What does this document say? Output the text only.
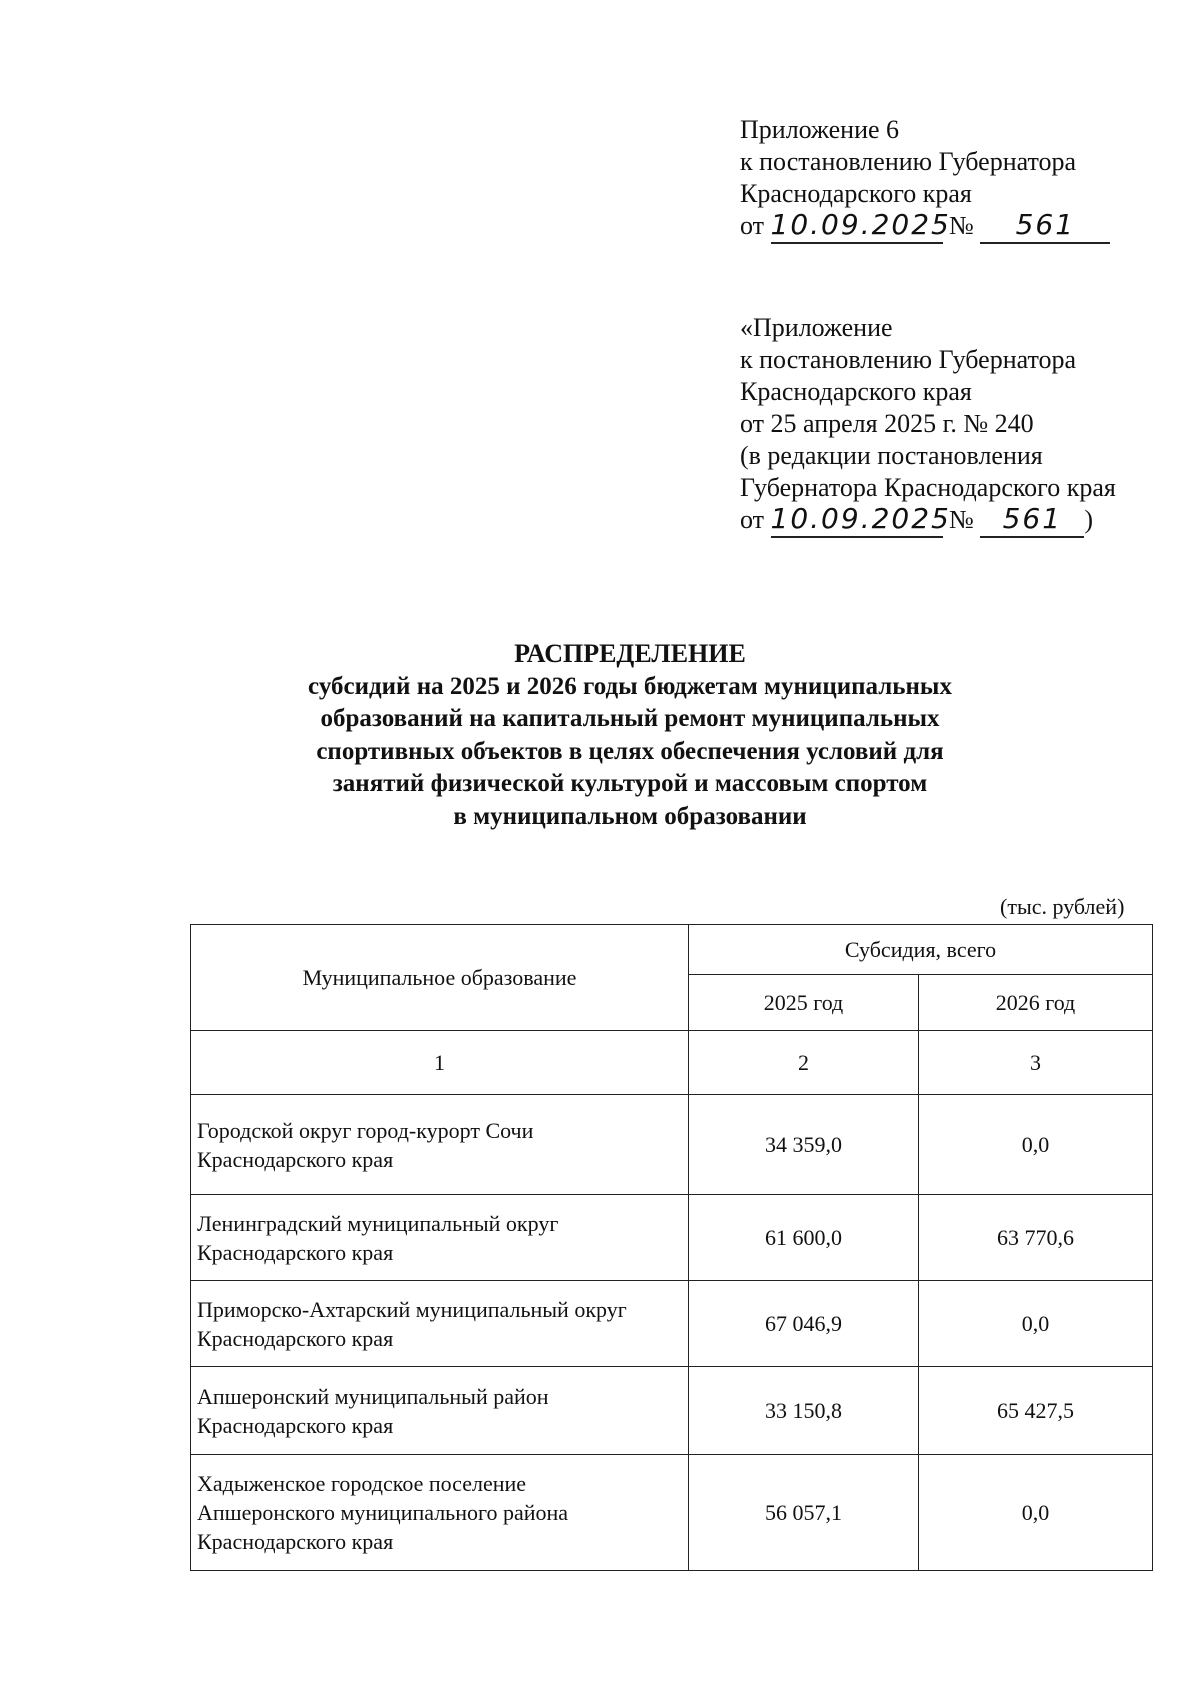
Приложение 6
к постановлению Губернатора
Краснодарского края
от 10.09.2025 № 561
«Приложение
к постановлению Губернатора
Краснодарского края
от 25 апреля 2025 г. № 240
(в редакции постановления
Губернатора Краснодарского края
от 10.09.2025 № 561 )
РАСПРЕДЕЛЕНИЕ
субсидий на 2025 и 2026 годы бюджетам муниципальных
образований на капитальный ремонт муниципальных
спортивных объектов в целях обеспечения условий для
занятий физической культурой и массовым спортом
в муниципальном образовании
(тыс. рублей)
Муниципальное образование	Субсидия, всего	
	2025 год	2026 год
1	2	3
Городской округ город-курорт Сочи
Краснодарского края	34 359,0	0,0
Ленинградский муниципальный округ
Краснодарского края	61 600,0	63 770,6
Приморско-Ахтарский муниципальный округ
Краснодарского края	67 046,9	0,0
Апшеронский муниципальный район
Краснодарского края	33 150,8	65 427,5
Хадыженское городское поселение
Апшеронского муниципального района
Краснодарского края	56 057,1	0,0
